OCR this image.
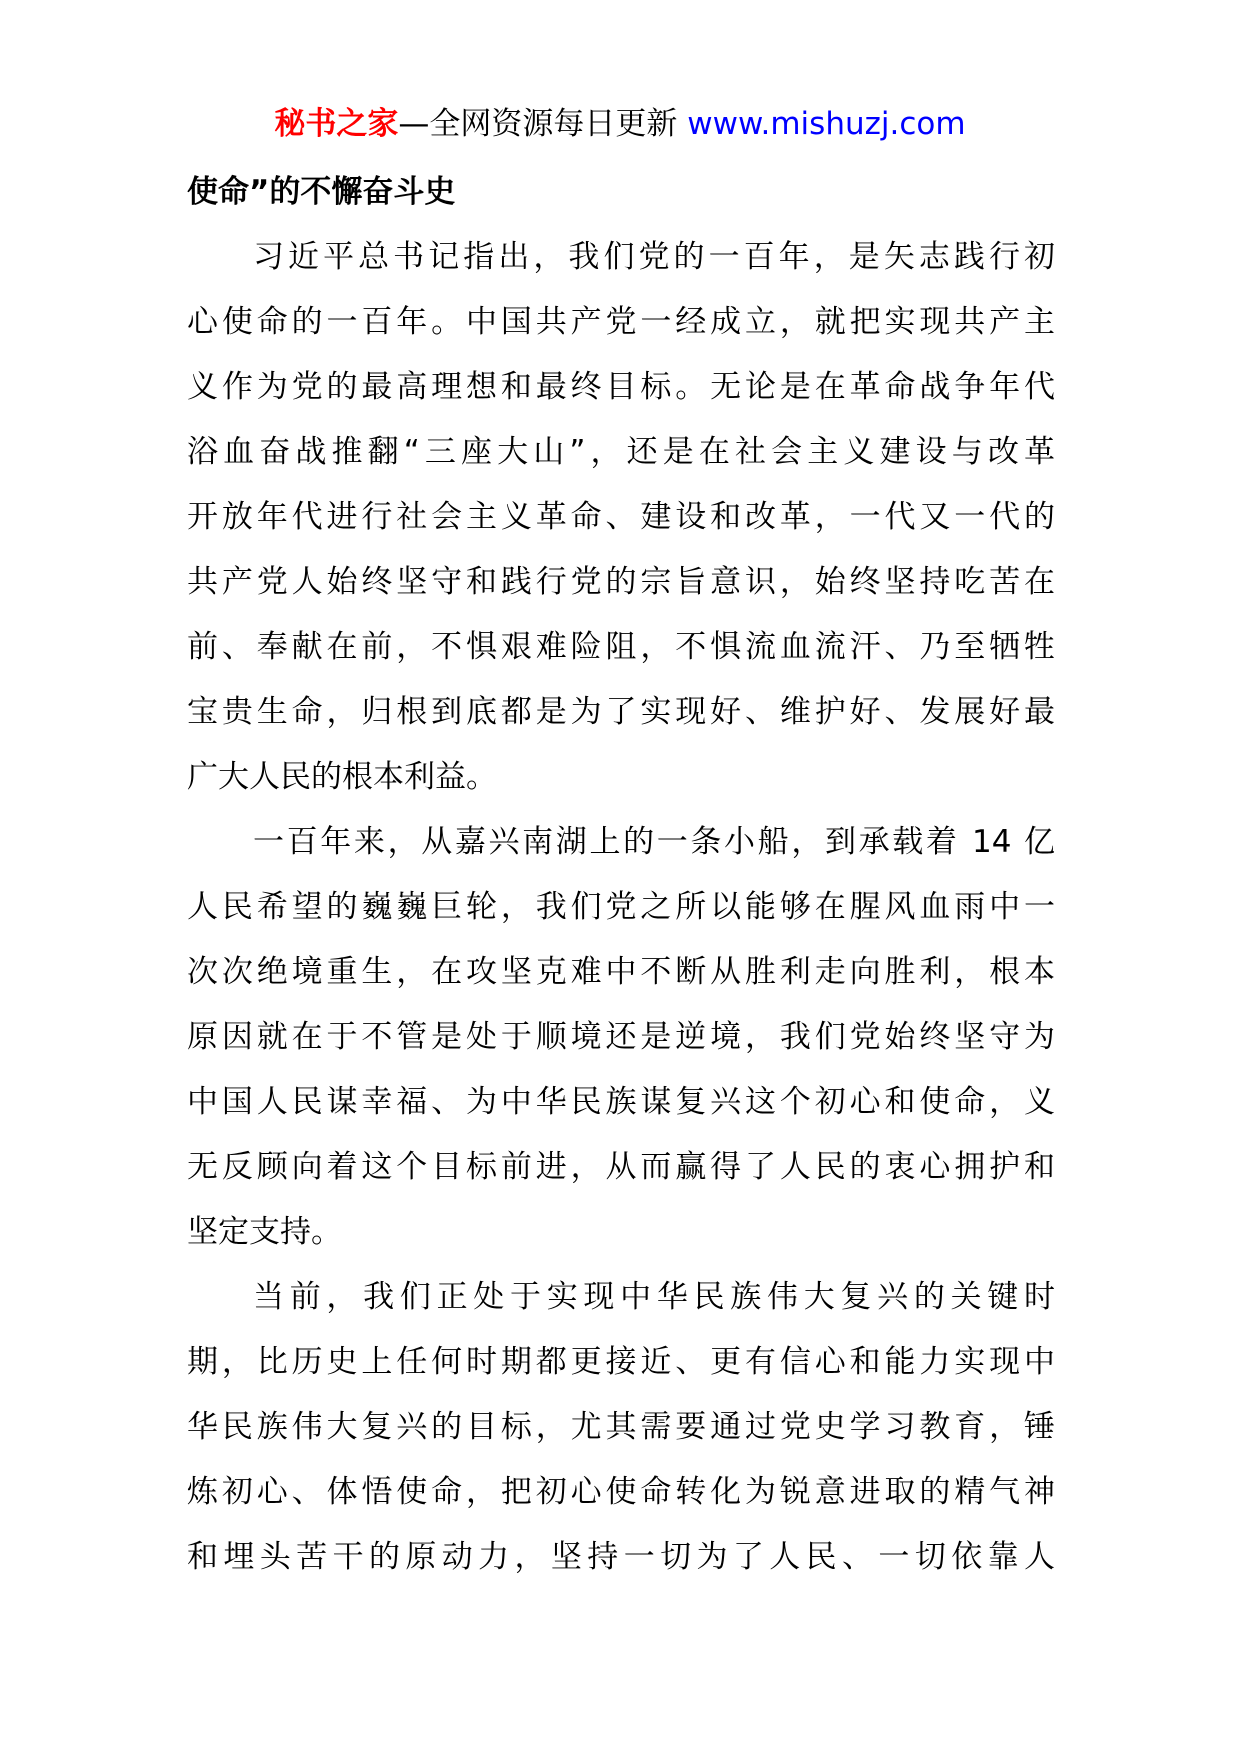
秘书之家—全网资源每日更新 www.mishuzj.com
使命”的不懈奋斗史
习近平总书记指出，我们党的一百年，是矢志践行初
心使命的一百年。中国共产党一经成立，就把实现共产主
义作为党的最高理想和最终目标。无论是在革命战争年代
浴血奋战推翻“三座大山”，还是在社会主义建设与改革
开放年代进行社会主义革命、建设和改革，一代又一代的
共产党人始终坚守和践行党的宗旨意识，始终坚持吃苦在
前、奉献在前，不惧艰难险阻，不惧流血流汗、乃至牺牲
宝贵生命，归根到底都是为了实现好、维护好、发展好最
广大人民的根本利益。
一百年来，从嘉兴南湖上的一条小船，到承载着 14 亿
人民希望的巍巍巨轮，我们党之所以能够在腥风血雨中一
次次绝境重生，在攻坚克难中不断从胜利走向胜利，根本
原因就在于不管是处于顺境还是逆境，我们党始终坚守为
中国人民谋幸福、为中华民族谋复兴这个初心和使命，义
无反顾向着这个目标前进，从而赢得了人民的衷心拥护和
坚定支持。
当前，我们正处于实现中华民族伟大复兴的关键时
期，比历史上任何时期都更接近、更有信心和能力实现中
华民族伟大复兴的目标，尤其需要通过党史学习教育，锤
炼初心、体悟使命，把初心使命转化为锐意进取的精气神
和埋头苦干的原动力，坚持一切为了人民、一切依靠人
